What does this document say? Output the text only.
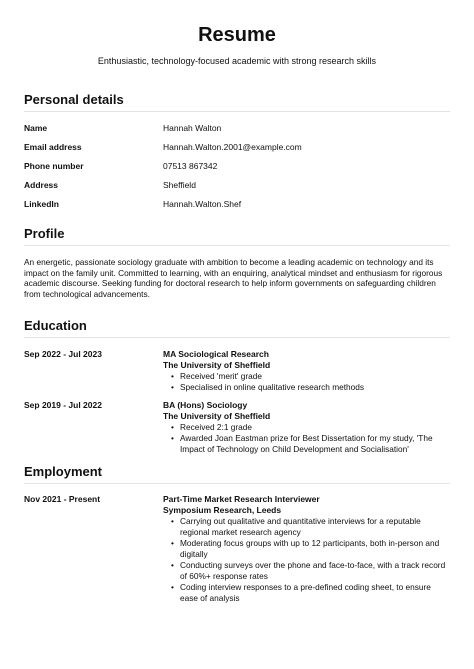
Resume
Enthusiastic, technology-focused academic with strong research skills
Personal details
Name	Hannah Walton
Email address	Hannah.Walton.2001@example.com
Phone number	07513 867342
Address	Sheffield
LinkedIn	Hannah.Walton.Shef
Profile
An energetic, passionate sociology graduate with ambition to become a leading academic on technology and its impact on the family unit. Committed to learning, with an enquiring, analytical mindset and enthusiasm for rigorous academic discourse. Seeking funding for doctoral research to help inform governments on safeguarding children from technological advancements.
Education
Sep 2022 - Jul 2023	MA Sociological Research
The University of Sheffield
• Received 'merit' grade
• Specialised in online qualitative research methods
Sep 2019 - Jul 2022	BA (Hons) Sociology
The University of Sheffield
• Received 2:1 grade
• Awarded Joan Eastman prize for Best Dissertation for my study, 'The Impact of Technology on Child Development and Socialisation'
Employment
Nov 2021 - Present	Part-Time Market Research Interviewer
Symposium Research, Leeds
• Carrying out qualitative and quantitative interviews for a reputable regional market research agency
• Moderating focus groups with up to 12 participants, both in-person and digitally
• Conducting surveys over the phone and face-to-face, with a track record of 60%+ response rates
• Coding interview responses to a pre-defined coding sheet, to ensure ease of analysis
